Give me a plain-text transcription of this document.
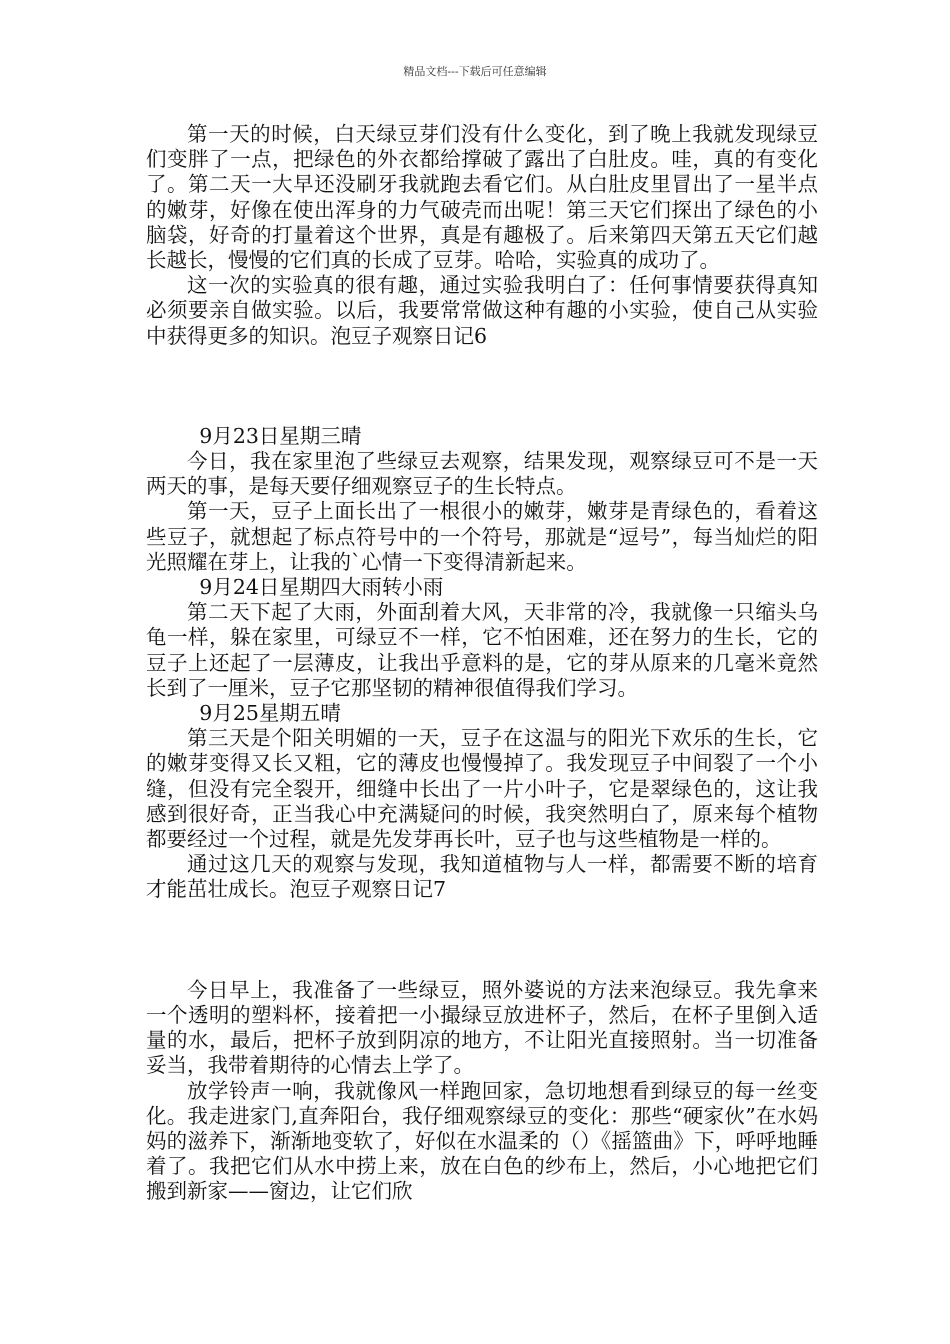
精品文档---下载后可任意编辑

第一天的时候，白天绿豆芽们没有什么变化，到了晚上我就发现绿豆们变胖了一点，把绿色的外衣都给撑破了露出了白肚皮。哇，真的有变化了。第二天一大早还没刷牙我就跑去看它们。从白肚皮里冒出了一星半点的嫩芽，好像在使出浑身的力气破壳而出呢！第三天它们探出了绿色的小脑袋，好奇的打量着这个世界，真是有趣极了。后来第四天第五天它们越长越长，慢慢的它们真的长成了豆芽。哈哈，实验真的成功了。

这一次的实验真的很有趣，通过实验我明白了：任何事情要获得真知必须要亲自做实验。以后，我要常常做这种有趣的小实验，使自己从实验中获得更多的知识。泡豆子观察日记6

9月23日星期三晴

今日，我在家里泡了些绿豆去观察，结果发现，观察绿豆可不是一天两天的事，是每天要仔细观察豆子的生长特点。

第一天，豆子上面长出了一根很小的嫩芽，嫩芽是青绿色的，看着这些豆子，就想起了标点符号中的一个符号，那就是“逗号”，每当灿烂的阳光照耀在芽上，让我的`心情一下变得清新起来。

9月24日星期四大雨转小雨

第二天下起了大雨，外面刮着大风，天非常的冷，我就像一只缩头乌龟一样，躲在家里，可绿豆不一样，它不怕困难，还在努力的生长，它的豆子上还起了一层薄皮，让我出乎意料的是，它的芽从原来的几毫米竟然长到了一厘米，豆子它那坚韧的精神很值得我们学习。

9月25星期五晴

第三天是个阳关明媚的一天，豆子在这温与的阳光下欢乐的生长，它的嫩芽变得又长又粗，它的薄皮也慢慢掉了。我发现豆子中间裂了一个小缝，但没有完全裂开，细缝中长出了一片小叶子，它是翠绿色的，这让我感到很好奇，正当我心中充满疑问的时候，我突然明白了，原来每个植物都要经过一个过程，就是先发芽再长叶，豆子也与这些植物是一样的。

通过这几天的观察与发现，我知道植物与人一样，都需要不断的培育才能茁壮成长。泡豆子观察日记7

今日早上，我准备了一些绿豆，照外婆说的方法来泡绿豆。我先拿来一个透明的塑料杯，接着把一小撮绿豆放进杯子，然后，在杯子里倒入适量的水，最后，把杯子放到阴凉的地方，不让阳光直接照射。当一切准备妥当，我带着期待的心情去上学了。

放学铃声一响，我就像风一样跑回家，急切地想看到绿豆的每一丝变化。我走进家门,直奔阳台，我仔细观察绿豆的变化：那些“硬家伙”在水妈妈的滋养下，渐渐地变软了，好似在水温柔的（）《摇篮曲》下，呼呼地睡着了。我把它们从水中捞上来，放在白色的纱布上，然后，小心地把它们搬到新家——窗边，让它们欣
